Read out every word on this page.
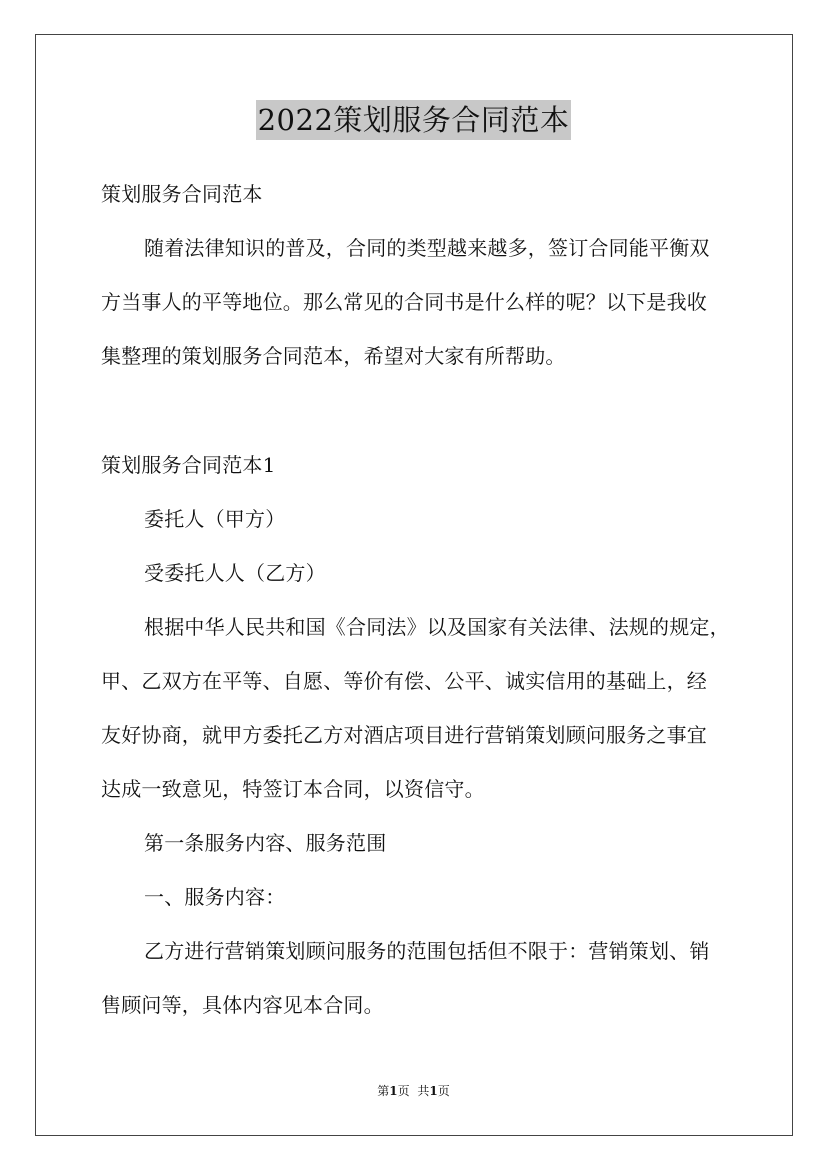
2022策划服务合同范本
策划服务合同范本
随着法律知识的普及，合同的类型越来越多，签订合同能平衡双
方当事人的平等地位。那么常见的合同书是什么样的呢？以下是我收
集整理的策划服务合同范本，希望对大家有所帮助。
策划服务合同范本1
委托人（甲方）
受委托人人（乙方）
根据中华人民共和国《合同法》以及国家有关法律、法规的规定，
甲、乙双方在平等、自愿、等价有偿、公平、诚实信用的基础上，经
友好协商，就甲方委托乙方对酒店项目进行营销策划顾问服务之事宜
达成一致意见，特签订本合同，以资信守。
第一条服务内容、服务范围
一、服务内容：
乙方进行营销策划顾问服务的范围包括但不限于：营销策划、销
售顾问等，具体内容见本合同。
第1页 共1页
